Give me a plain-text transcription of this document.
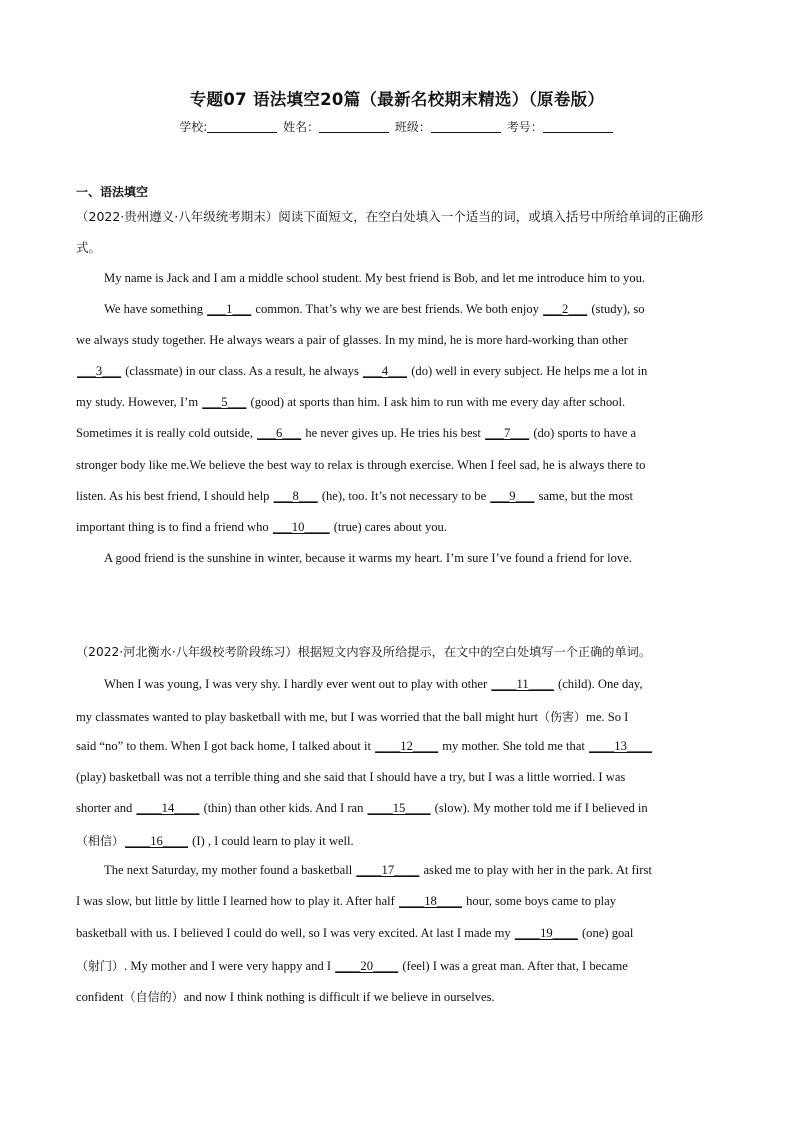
专题07 语法填空20篇（最新名校期末精选）（原卷版）
学校:	姓名：	班级：	考号：
一、语法填空
（2022·贵州遵义·八年级统考期末）阅读下面短文，在空白处填入一个适当的词，或填入括号中所给单词的正确形式。
My name is Jack and I am a middle school student. My best friend is Bob, and let me introduce him to you.
We have something ___1___ common. That’s why we are best friends. We both enjoy ___2___ (study), so
we always study together. He always wears a pair of glasses. In my mind, he is more hard-working than other
___3___ (classmate) in our class. As a result, he always ___4___ (do) well in every subject. He helps me a lot in
my study. However, I’m ___5___ (good) at sports than him. I ask him to run with me every day after school.
Sometimes it is really cold outside, ___6___ he never gives up. He tries his best ___7___ (do) sports to have a
stronger body like me.We believe the best way to relax is through exercise. When I feel sad, he is always there to
listen. As his best friend, I should help ___8___ (he), too. It’s not necessary to be ___9___ same, but the most
important thing is to find a friend who ___10____ (true) cares about you.
A good friend is the sunshine in winter, because it warms my heart. I’m sure I’ve found a friend for love.
（2022·河北衡水·八年级校考阶段练习）根据短文内容及所给提示，在文中的空白处填写一个正确的单词。
When I was young, I was very shy. I hardly ever went out to play with other ____11____ (child). One day,
my classmates wanted to play basketball with me, but I was worried that the ball might hurt（伤害）me. So I
said “no” to them. When I got back home, I talked about it ____12____ my mother. She told me that ____13____
(play) basketball was not a terrible thing and she said that I should have a try, but I was a little worried. I was
shorter and ____14____ (thin) than other kids. And I ran ____15____ (slow). My mother told me if I believed in
（相信）____16____ (I) , I could learn to play it well.
The next Saturday, my mother found a basketball ____17____ asked me to play with her in the park. At first
I was slow, but little by little I learned how to play it. After half ____18____ hour, some boys came to play
basketball with us. I believed I could do well, so I was very excited. At last I made my ____19____ (one) goal
（射门）. My mother and I were very happy and I ____20____ (feel) I was a great man. After that, I became
confident（自信的）and now I think nothing is difficult if we believe in ourselves.
